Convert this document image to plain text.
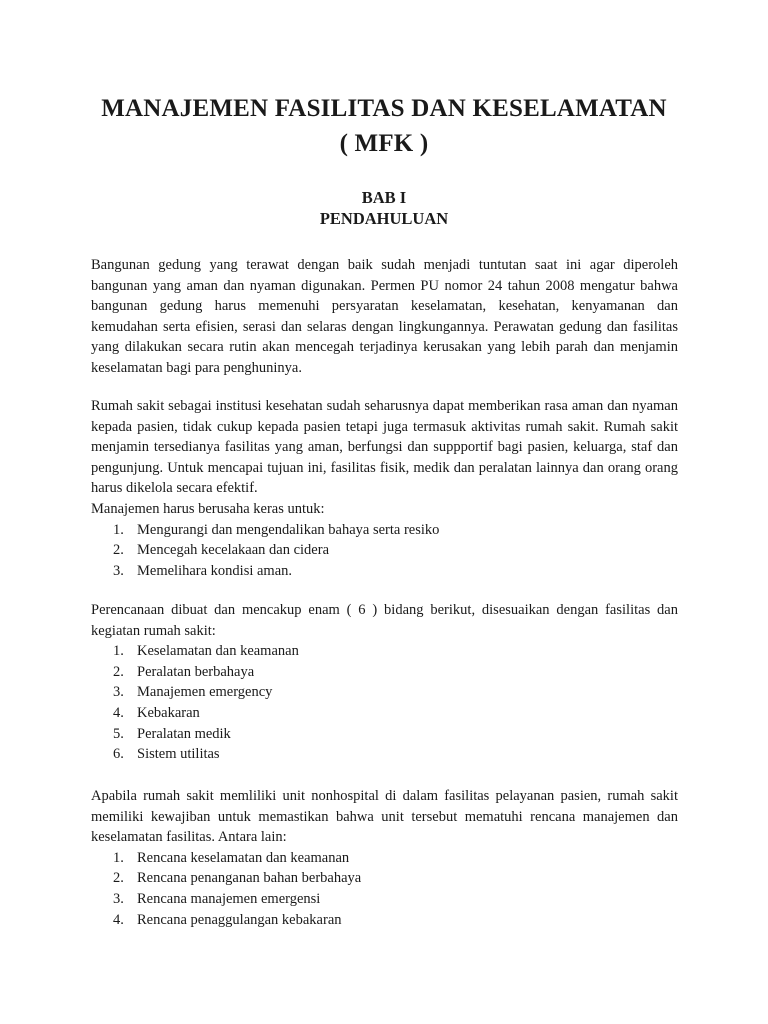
MANAJEMEN FASILITAS DAN KESELAMATAN
( MFK )
BAB I
PENDAHULUAN

Bangunan gedung yang terawat dengan baik sudah menjadi tuntutan saat ini agar diperoleh bangunan yang aman dan nyaman digunakan. Permen PU nomor 24 tahun 2008 mengatur bahwa bangunan gedung harus memenuhi persyaratan keselamatan, kesehatan, kenyamanan dan kemudahan serta efisien, serasi dan selaras dengan lingkungannya. Perawatan gedung dan fasilitas yang dilakukan secara rutin akan mencegah terjadinya kerusakan yang lebih parah dan menjamin keselamatan bagi para penghuninya.

Rumah sakit sebagai institusi kesehatan sudah seharusnya dapat memberikan rasa aman dan nyaman kepada pasien, tidak cukup kepada pasien tetapi juga termasuk aktivitas rumah sakit. Rumah sakit menjamin tersedianya fasilitas yang aman, berfungsi dan suppportif bagi pasien, keluarga, staf dan pengunjung. Untuk mencapai tujuan ini, fasilitas fisik, medik dan peralatan lainnya dan orang orang harus dikelola secara efektif.

Manajemen harus berusaha keras untuk:

1. Mengurangi dan mengendalikan bahaya serta resiko
2. Mencegah kecelakaan dan cidera
3. Memelihara kondisi aman.

Perencanaan dibuat dan mencakup enam ( 6 ) bidang berikut, disesuaikan dengan fasilitas dan kegiatan rumah sakit:

1. Keselamatan dan keamanan
2. Peralatan berbahaya
3. Manajemen emergency
4. Kebakaran
5. Peralatan medik
6. Sistem utilitas

Apabila rumah sakit memliliki unit nonhospital di dalam fasilitas pelayanan pasien, rumah sakit memiliki kewajiban untuk memastikan bahwa unit tersebut mematuhi rencana manajemen dan keselamatan fasilitas. Antara lain:

1. Rencana keselamatan dan keamanan
2. Rencana penanganan bahan berbahaya
3. Rencana manajemen emergensi
4. Rencana penaggulangan kebakaran
